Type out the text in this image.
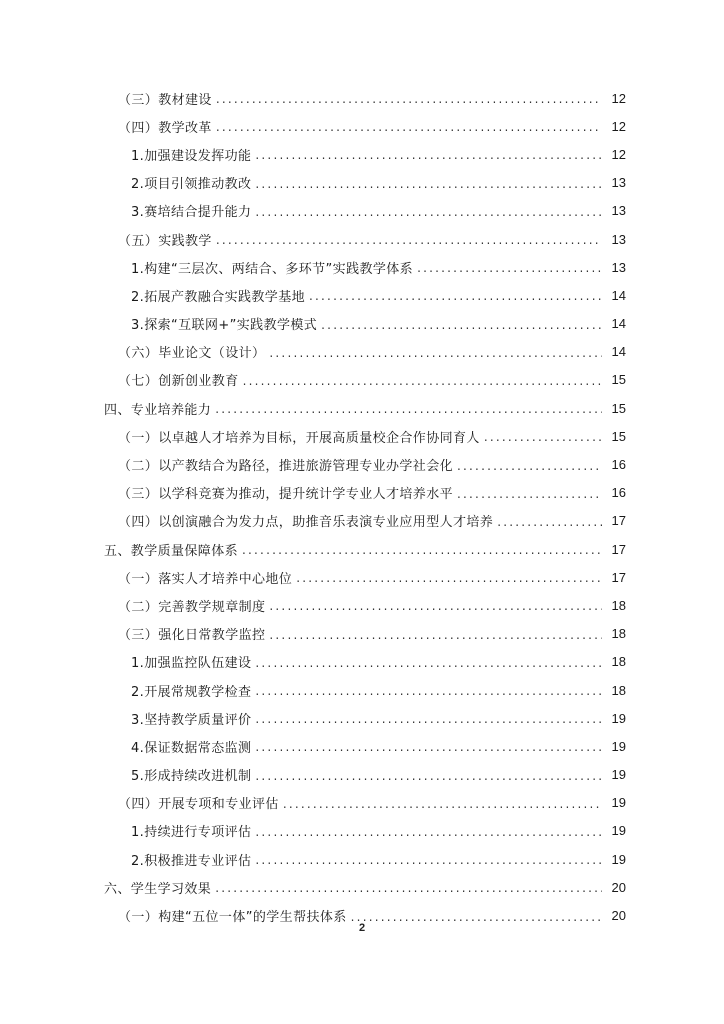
（三）教材建设 .....	12
（四）教学改革 .....	12
1.加强建设发挥功能 .....	12
2.项目引领推动教改 .....	13
3.赛培结合提升能力 .....	13
（五）实践教学 .....	13
1.构建“三层次、两结合、多环节”实践教学体系 .....	13
2.拓展产教融合实践教学基地 .....	14
3.探索“互联网+”实践教学模式 .....	14
（六）毕业论文（设计） .....	14
（七）创新创业教育 .....	15
四、专业培养能力 .....	15
（一）以卓越人才培养为目标，开展高质量校企合作协同育人 .....	15
（二）以产教结合为路径，推进旅游管理专业办学社会化 .....	16
（三）以学科竞赛为推动，提升统计学专业人才培养水平 .....	16
（四）以创演融合为发力点，助推音乐表演专业应用型人才培养 .....	17
五、教学质量保障体系 .....	17
（一）落实人才培养中心地位 .....	17
（二）完善教学规章制度 .....	18
（三）强化日常教学监控 .....	18
1.加强监控队伍建设 .....	18
2.开展常规教学检查 .....	18
3.坚持教学质量评价 .....	19
4.保证数据常态监测 .....	19
5.形成持续改进机制 .....	19
（四）开展专项和专业评估 .....	19
1.持续进行专项评估 .....	19
2.积极推进专业评估 .....	19
六、学生学习效果 .....	20
（一）构建“五位一体”的学生帮扶体系 .....	20
2
